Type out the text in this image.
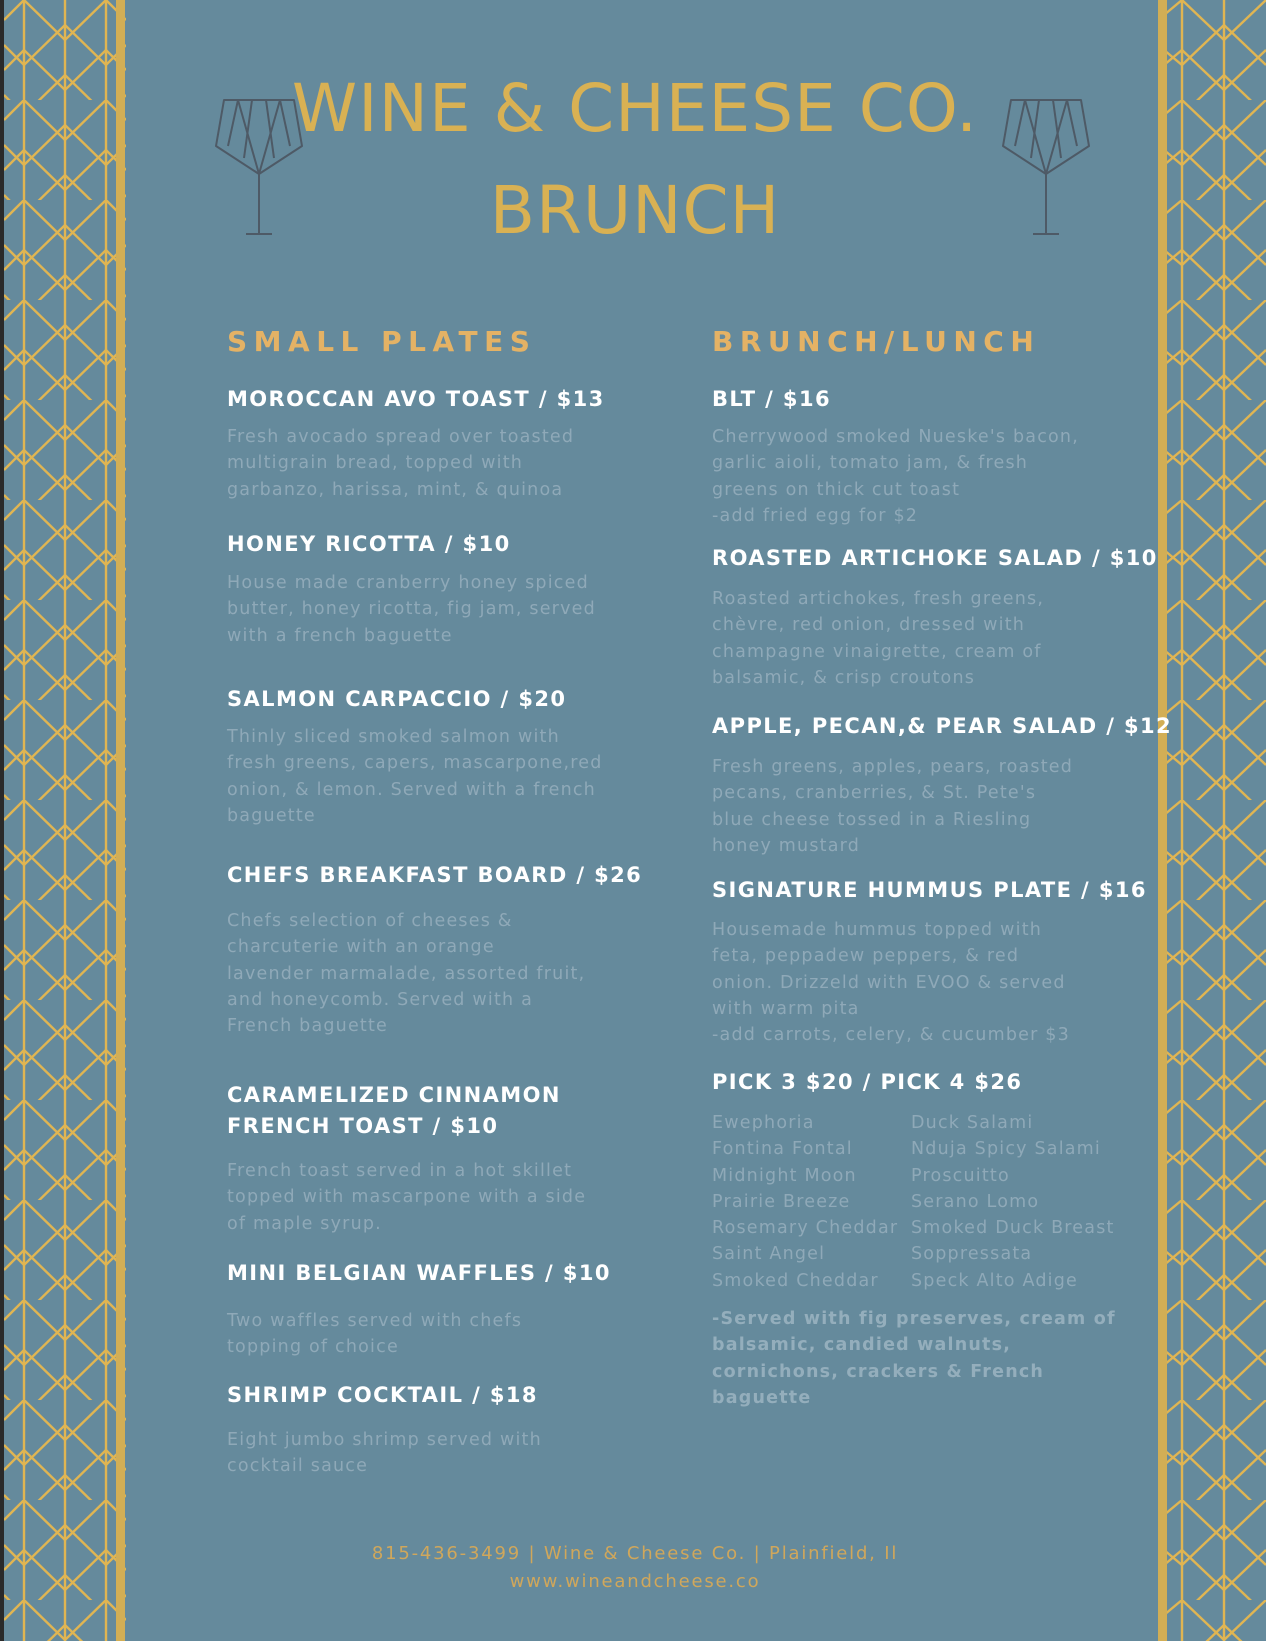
WINE & CHEESE CO.
BRUNCH
SMALL PLATES
MOROCCAN AVO TOAST / $13

Fresh avocado spread over toasted
multigrain bread, topped with
garbanzo, harissa, mint, & quinoa

HONEY RICOTTA / $10

House made cranberry honey spiced
butter, honey ricotta, fig jam, served
with a french baguette

SALMON CARPACCIO / $20

Thinly sliced smoked salmon with
fresh greens, capers, mascarpone,red
onion, & lemon. Served with a french
baguette

CHEFS BREAKFAST BOARD / $26

Chefs selection of cheeses &
charcuterie with an orange
lavender marmalade, assorted fruit,
and honeycomb. Served with a
French baguette

CARAMELIZED CINNAMON FRENCH TOAST / $10

French toast served in a hot skillet
topped with mascarpone with a side
of maple syrup.

MINI BELGIAN WAFFLES / $10

Two waffles served with chefs
topping of choice

SHRIMP COCKTAIL / $18

Eight jumbo shrimp served with
cocktail sauce

BRUNCH/LUNCH
BLT / $16

Cherrywood smoked Nueske's bacon,
garlic aioli, tomato jam, & fresh
greens on thick cut toast
-add fried egg for $2

ROASTED ARTICHOKE SALAD / $10

Roasted artichokes, fresh greens,
chèvre, red onion, dressed with
champagne vinaigrette, cream of
balsamic, & crisp croutons

APPLE, PECAN,& PEAR SALAD / $12

Fresh greens, apples, pears, roasted
pecans, cranberries, & St. Pete's
blue cheese tossed in a Riesling
honey mustard

SIGNATURE HUMMUS PLATE / $16

Housemade hummus topped with
feta, peppadew peppers, & red
onion. Drizzeld with EVOO & served
with warm pita
-add carrots, celery, & cucumber $3

PICK 3 $20 / PICK 4 $26
Ewephoria
Fontina Fontal
Midnight Moon
Prairie Breeze
Rosemary Cheddar
Saint Angel
Smoked Cheddar
Duck Salami
Nduja Spicy Salami
Proscuitto
Serano Lomo
Smoked Duck Breast
Soppressata
Speck Alto Adige

-Served with fig preserves, cream of
balsamic, candied walnuts,
cornichons, crackers & French
baguette

815-436-3499 | Wine & Cheese Co. | Plainfield, Il

www.wineandcheese.co
